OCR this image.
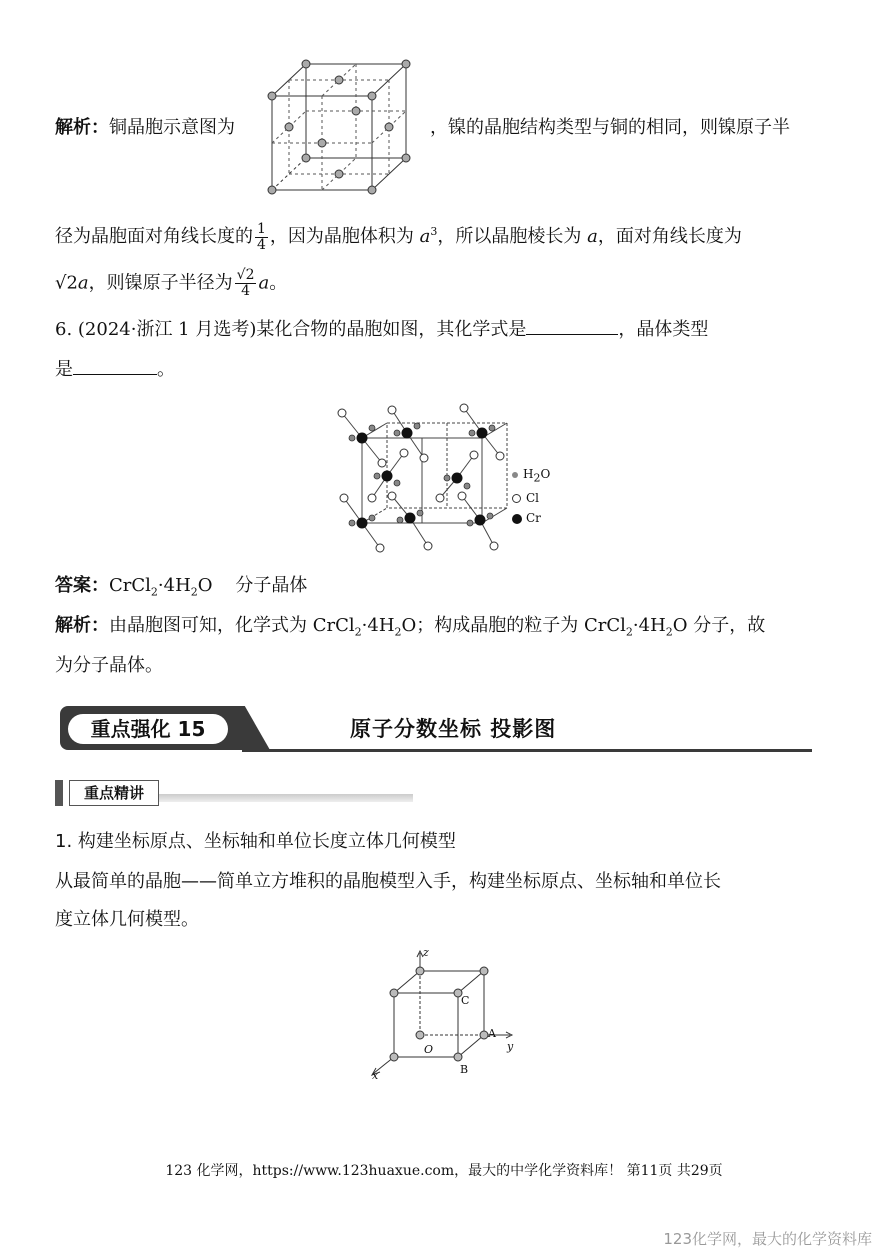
解析：铜晶胞示意图为	，镍的晶胞结构类型与铜的相同，则镍原子半
径为晶胞面对角线长度的 $\frac{1}{4}$ ，因为晶胞体积为 $a^3$，所以晶胞棱长为 a，面对角线长度为
√2a，则镍原子半径为 $\frac{√2}{4}$ a。
6. (2024·浙江 1 月选考)某化合物的晶胞如图，其化学式是	，晶体类型
是	。
$H_2O$
Cl
Cr
答案：$CrCl_2\cdot 4H_2O$    分子晶体
解析：由晶胞图可知，化学式为 $CrCl_2\cdot 4H_2O$；构成晶胞的粒子为 $CrCl_2\cdot 4H_2O$ 分子，故
为分子晶体。
重点强化 15	原子分数坐标 投影图
重点精讲
1. 构建坐标原点、坐标轴和单位长度立体几何模型
从最简单的晶胞——简单立方堆积的晶胞模型入手，构建坐标原点、坐标轴和单位长
度立体几何模型。
z
y
x
O
A
B
C
123 化学网，https://www.123huaxue.com，最大的中学化学资料库！ 第11页 共29页
123化学网，最大的化学资料库
